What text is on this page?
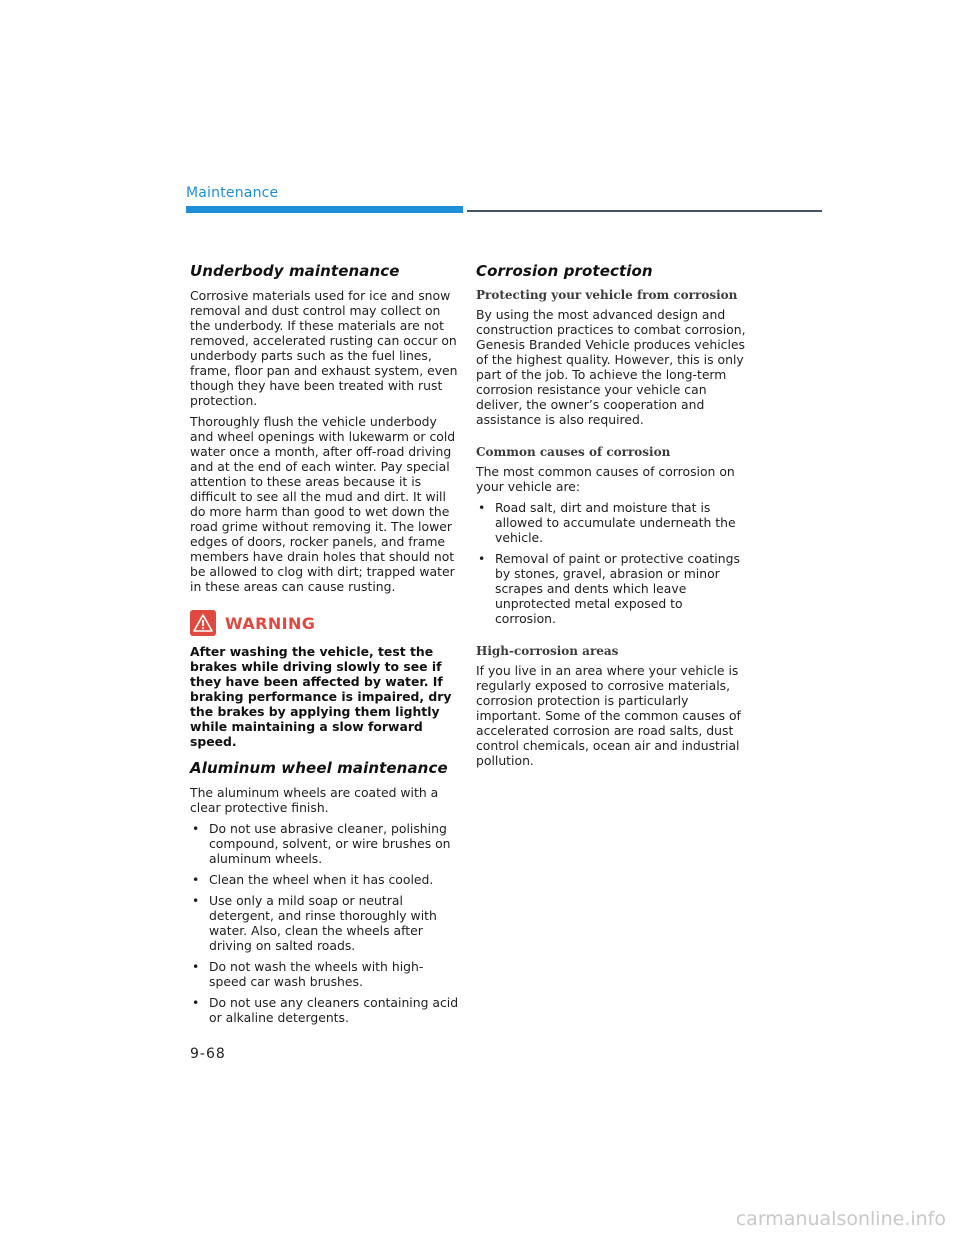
Maintenance
Underbody maintenance

Corrosive materials used for ice and snow removal and dust control may collect on the underbody. If these materials are not removed, accelerated rusting can occur on underbody parts such as the fuel lines, frame, floor pan and exhaust system, even though they have been treated with rust protection.

Thoroughly flush the vehicle underbody and wheel openings with lukewarm or cold water once a month, after off-road driving and at the end of each winter. Pay special attention to these areas because it is difficult to see all the mud and dirt. It will do more harm than good to wet down the road grime without removing it. The lower edges of doors, rocker panels, and frame members have drain holes that should not be allowed to clog with dirt; trapped water in these areas can cause rusting.

WARNING

After washing the vehicle, test the brakes while driving slowly to see if they have been affected by water. If braking performance is impaired, dry the brakes by applying them lightly while maintaining a slow forward speed.

Aluminum wheel maintenance

The aluminum wheels are coated with a clear protective finish.

• Do not use abrasive cleaner, polishing compound, solvent, or wire brushes on aluminum wheels.
• Clean the wheel when it has cooled.
• Use only a mild soap or neutral detergent, and rinse thoroughly with water. Also, clean the wheels after driving on salted roads.
• Do not wash the wheels with high-speed car wash brushes.
• Do not use any cleaners containing acid or alkaline detergents.
Corrosion protection
Protecting your vehicle from corrosion

By using the most advanced design and construction practices to combat corrosion, Genesis Branded Vehicle produces vehicles of the highest quality. However, this is only part of the job. To achieve the long-term corrosion resistance your vehicle can deliver, the owner’s cooperation and assistance is also required.

Common causes of corrosion

The most common causes of corrosion on your vehicle are:

• Road salt, dirt and moisture that is allowed to accumulate underneath the vehicle.
• Removal of paint or protective coatings by stones, gravel, abrasion or minor scrapes and dents which leave unprotected metal exposed to corrosion.
High-corrosion areas

If you live in an area where your vehicle is regularly exposed to corrosive materials, corrosion protection is particularly important. Some of the common causes of accelerated corrosion are road salts, dust control chemicals, ocean air and industrial pollution.

9-68
carmanualsonline.info
